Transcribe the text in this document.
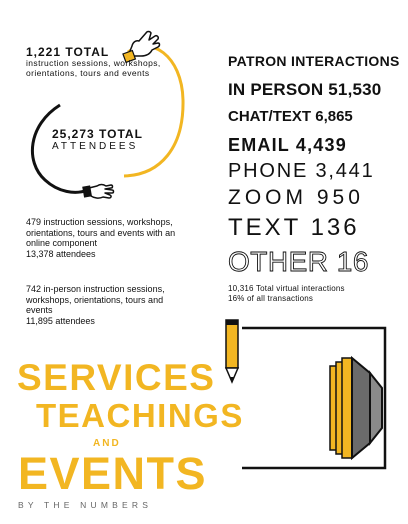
1,221 TOTAL
instruction sessions, workshops, orientations, tours and events
25,273 TOTAL
ATTENDEES
479 instruction sessions, workshops, orientations, tours and events with an online component
13,378 attendees
742 in-person instruction sessions, workshops, orientations, tours and events
11,895 attendees
PATRON INTERACTIONS
IN PERSON 51,530
CHAT/TEXT 6,865
EMAIL 4,439
PHONE 3,441
ZOOM 950
TEXT 136
OTHER 16
10,316 Total virtual interactions
16% of all transactions
SERVICES
TEACHINGS
AND
EVENTS
BY THE NUMBERS
